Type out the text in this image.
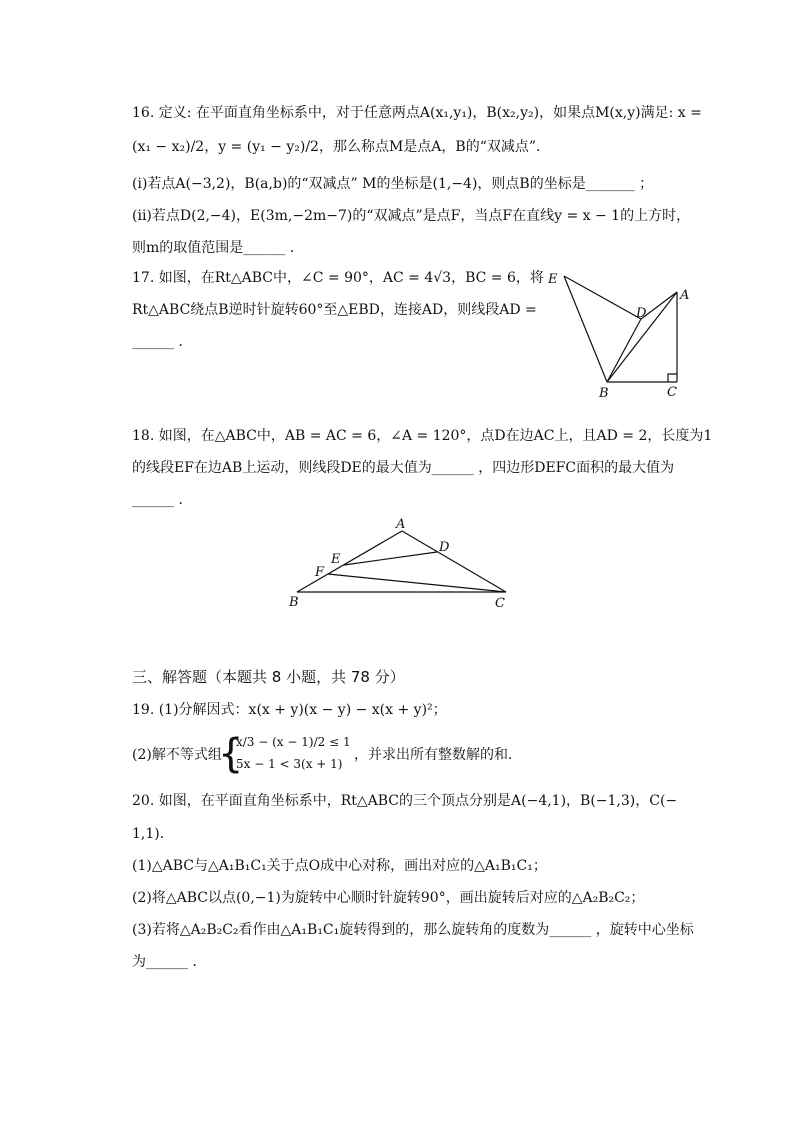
16. 定义: 在平面直角坐标系中，对于任意两点A(x₁,y₁)，B(x₂,y₂)，如果点M(x,y)满足: x =
(x₁ − x₂)/2，y = (y₁ − y₂)/2，那么称点M是点A，B的“双减点”．
(i)若点A(−3,2)，B(a,b)的“双减点” M的坐标是(1,−4)，则点B的坐标是_______ ；
(ii)若点D(2,−4)，E(3m,−2m−7)的“双减点”是点F，当点F在直线y = x − 1的上方时，
则m的取值范围是______ ．
17. 如图，在Rt△ABC中，∠C = 90°，AC = 4√3，BC = 6，将
Rt△ABC绕点B逆时针旋转60°至△EBD，连接AD，则线段AD =
______ ．
E
D
A
B	C
18. 如图，在△ABC中，AB = AC = 6，∠A = 120°，点D在边AC上，且AD = 2，长度为1
的线段EF在边AB上运动，则线段DE的最大值为______ ，四边形DEFC面积的最大值为
______ ．
A
D
E
F
B	C
三、解答题（本题共 8 小题，共 78 分）
19. (1)分解因式：x(x + y)(x − y) − x(x + y)²；
(2)解不等式组
{
x/3 − (x − 1)/2 ≤ 1
5x − 1 < 3(x + 1)
，并求出所有整数解的和．
20. 如图，在平面直角坐标系中，Rt△ABC的三个顶点分别是A(−4,1)，B(−1,3)，C(−
1,1)．
(1)△ABC与△A₁B₁C₁关于点O成中心对称，画出对应的△A₁B₁C₁；
(2)将△ABC以点(0,−1)为旋转中心顺时针旋转90°，画出旋转后对应的△A₂B₂C₂；
(3)若将△A₂B₂C₂看作由△A₁B₁C₁旋转得到的，那么旋转角的度数为______ ，旋转中心坐标
为______ ．
